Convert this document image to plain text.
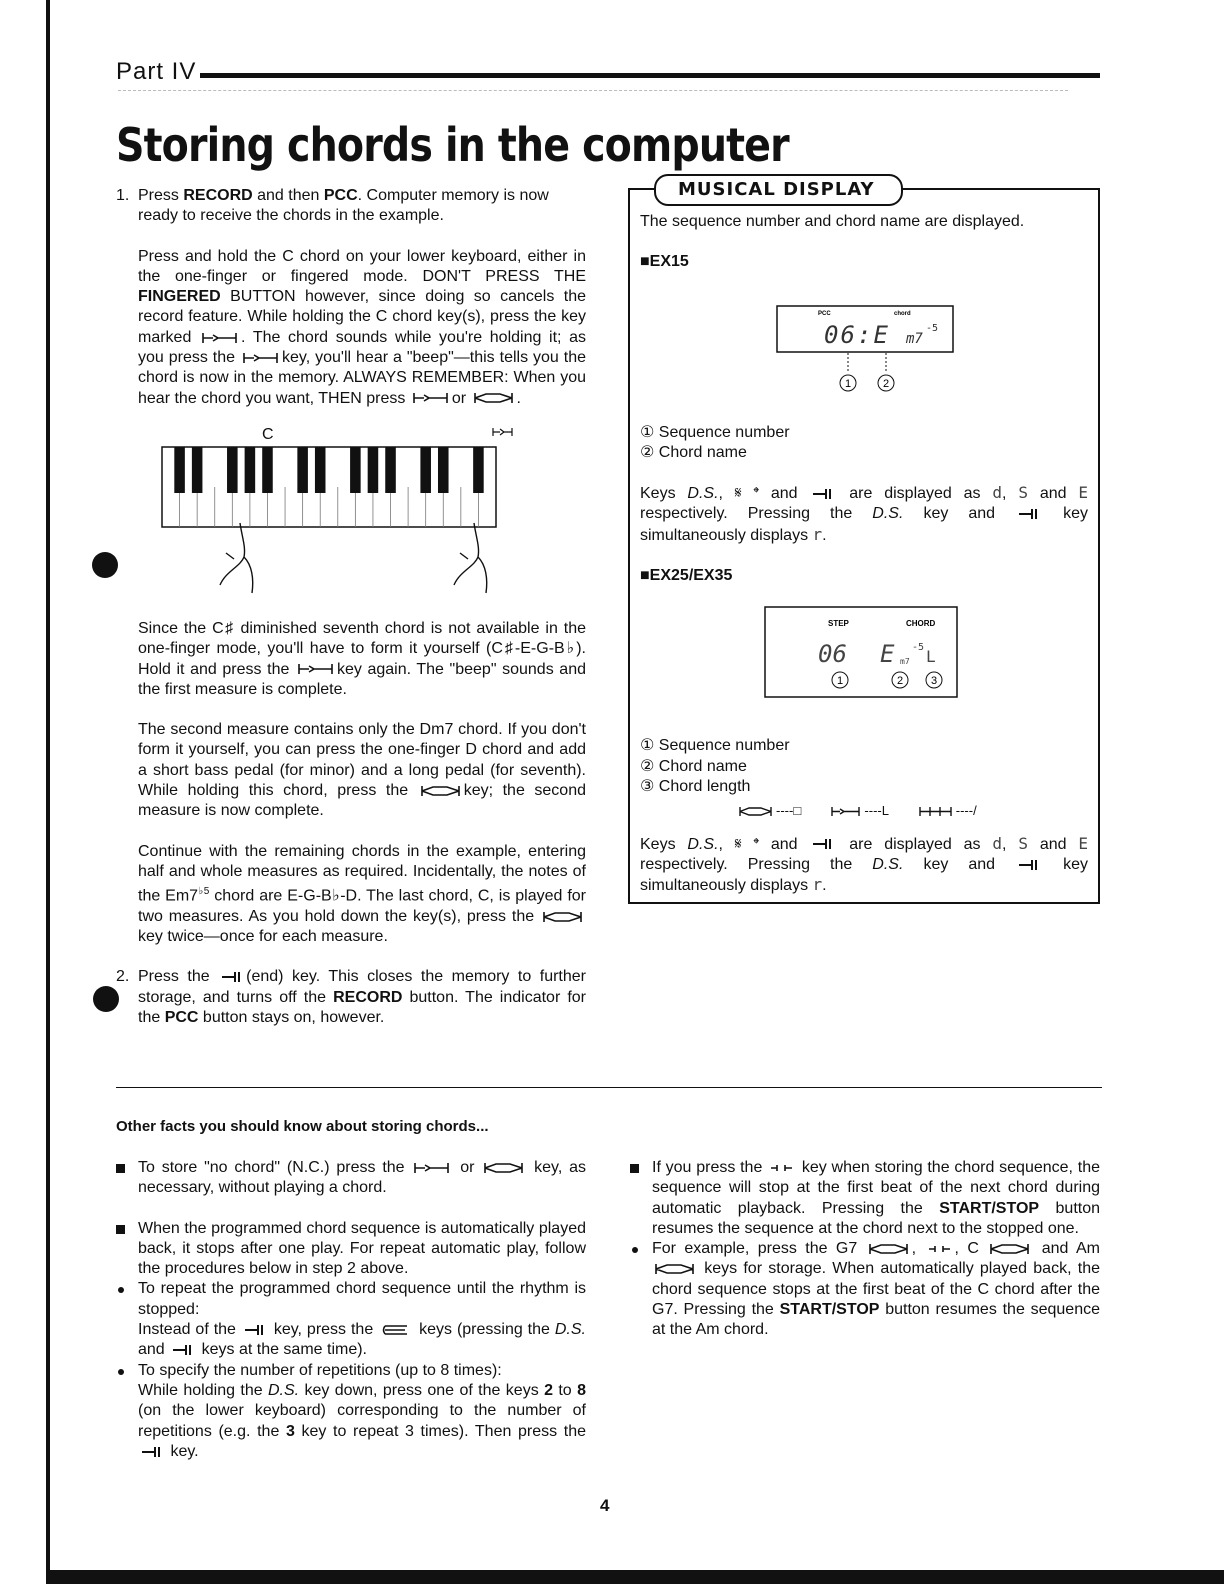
Part IV
Storing chords in the computer
1. Press RECORD and then PCC. Computer memory is now ready to receive the chords in the example.

Press and hold the C chord on your lower keyboard, either in the one-finger or fingered mode. DON'T PRESS THE FINGERED BUTTON however, since doing so cancels the record feature. While holding the C chord key(s), press the key marked	. The chord sounds while you're holding it; as you press the	key, you'll hear a "beep"—this tells you the chord is now in the memory. ALWAYS REMEMBER: When you hear the chord you want, THEN press	or	.

C

Since the C♯ diminished seventh chord is not available in the one-finger mode, you'll have to form it yourself (C♯-E-G-B♭). Hold it and press the	key again. The "beep" sounds and the first measure is complete.

The second measure contains only the Dm7 chord. If you don't form it yourself, you can press the one-finger D chord and add a short bass pedal (for minor) and a long pedal (for seventh). While holding this chord, press the	key; the second measure is now complete.

Continue with the remaining chords in the example, entering half and whole measures as required. Incidentally, the notes of the $Em7^{♭5}$ chord are E-G-B♭-D. The last chord, C, is played for two measures. As you hold down the key(s), press the key twice—once for each measure.

2. Press the (end) key. This closes the memory to further storage, and turns off the RECORD button. The indicator for the PCC button stays on, however.

MUSICAL DISPLAY

The sequence number and chord name are displayed.

■EX15

① Sequence number

② Chord name

Keys D.S., 𝄋 𝄌 and	are displayed as d, S and E respectively. Pressing the D.S. key and	key simultaneously displays r.

■EX25/EX35

① Sequence number

② Chord name

③ Chord length

----□	----L	----/

Keys D.S., 𝄋 𝄌 and	are displayed as d, S and E respectively. Pressing the D.S. key and	key simultaneously displays r.

PCC	chord
06:E m7
-5
1	2
STEP	CHORD
06 E m7
-5 L
1	2	3
Other facts you should know about storing chords...
To store "no chord" (N.C.) press the	or	key, as necessary, without playing a chord.
When the programmed chord sequence is automatically played back, it stops after one play. For repeat automatic play, follow the procedures below in step 2 above.
To repeat the programmed chord sequence until the rhythm is stopped:
Instead of the key, press the	keys (pressing the D.S. and keys at the same time).
To specify the number of repetitions (up to 8 times):
While holding the D.S. key down, press one of the keys 2 to 8 (on the lower keyboard) corresponding to the number of repetitions (e.g. the 3 key to repeat 3 times). Then press the  key.
If you press the key when storing the chord sequence, the sequence will stop at the first beat of the next chord during automatic playback. Pressing the START/STOP button resumes the sequence at the chord next to the stopped one.
For example, press the G7	, , C	and Am  keys for storage. When automatically played back, the chord sequence stops at the first beat of the C chord after the G7. Pressing the START/STOP button resumes the sequence at the Am chord.
4
